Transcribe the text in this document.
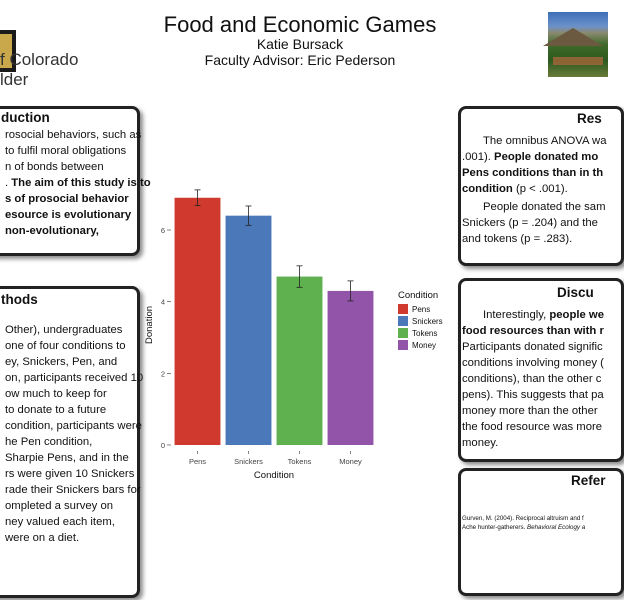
f Colorado
lder
Food and Economic Games
Katie Bursack
Faculty Advisor: Eric Pederson
duction
rosocial behaviors, such as
to fulfil moral obligations
n of bonds between
. The aim of this study is to
s of prosocial behavior
esource is evolutionary
non-evolutionary,
thods
Other), undergraduates
one of four conditions to
ey, Snickers, Pen, and
on, participants received 10
ow much to keep for
to donate to a future
condition, participants were
he Pen condition,
Sharpie Pens, and in the
rs were given 10 Snickers
rade their Snickers bars for
ompleted a survey on
ney valued each item,
were on a diet.
Res
The omnibus ANOVA wa
.001). People donated mo
Pens conditions than in th
condition (p < .001).
People donated the sam
Snickers (p = .204) and the
and tokens (p = .283).
Discu
Interestingly, people we
food resources than with r
Participants donated signific
conditions involving money (
conditions), than the other c
pens). This suggests that pa
money more than the other
the food resource was more
money.
Refer
Gurven, M. (2004). Reciprocal altruism and f
Ache hunter-gatherers. Behavioral Ecology a
0
2
4
6
Pens	Snickers	Tokens	Money
Donation
Condition
Condition
Pens
Snickers
Tokens
Money
